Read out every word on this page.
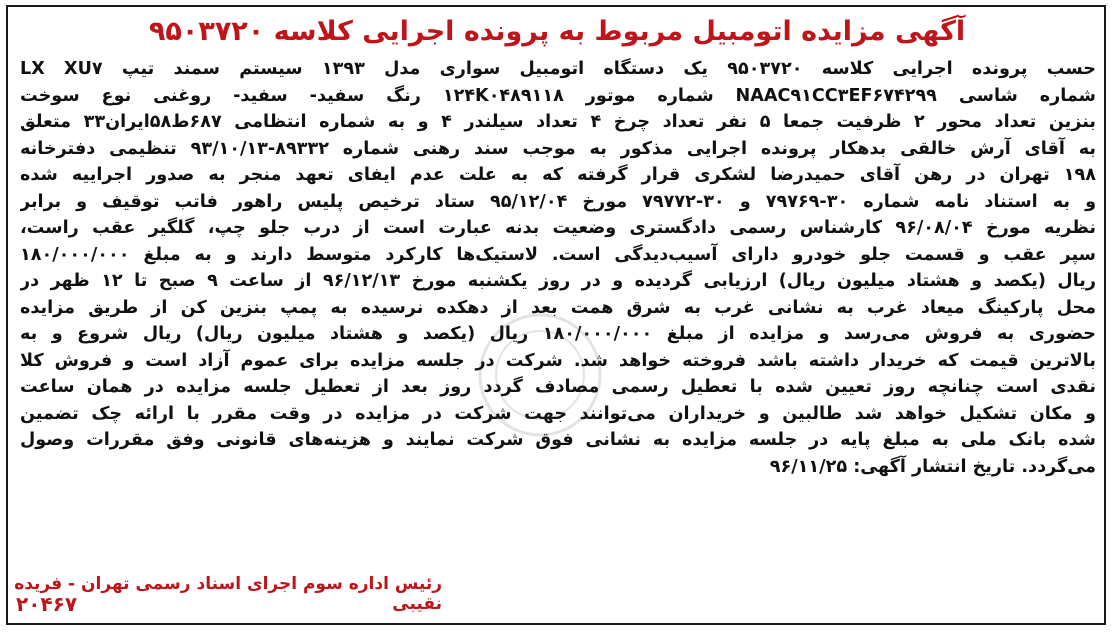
آگهی مزایده اتومبیل مربوط به پرونده اجرایی کلاسه ۹۵۰۳۷۲۰
حسب پرونده اجرایی کلاسه ۹۵۰۳۷۲۰ یک دستگاه اتومبیل سواری مدل ۱۳۹۳ سیستم سمند تیپ LX XU۷
شماره شاسی NAAC۹۱CC۳EF۶۷۴۲۹۹ شماره موتور ۱۲۴K۰۴۸۹۱۱۸ رنگ سفید- سفید- روغنی نوع سوخت
بنزین تعداد محور ۲ ظرفیت جمعا ۵ نفر تعداد چرخ ۴ تعداد سیلندر ۴ و به شماره انتظامی ۶۸۷ط۵۸ایران۳۳ متعلق
به آقای آرش خالقی بدهکار پرونده اجرایی مذکور به موجب سند رهنی شماره ۸۹۳۳۲-۹۳/۱۰/۱۳ تنظیمی دفترخانه
۱۹۸ تهران در رهن آقای حمیدرضا لشکری قرار گرفته که به علت عدم ایفای تعهد منجر به صدور اجراییه شده
و به استناد نامه شماره ۳۰-۷۹۷۶۹ و ۳۰-۷۹۷۷۲ مورخ ۹۵/۱۲/۰۴ ستاد ترخیص پلیس راهور فاتب توقیف و برابر
نظریه مورخ ۹۶/۰۸/۰۴ کارشناس رسمی دادگستری وضعیت بدنه عبارت است از درب جلو چپ، گلگیر عقب راست،
سپر عقب و قسمت جلو خودرو دارای آسیب‌دیدگی است. لاستیک‌ها کارکرد متوسط دارند و به مبلغ ۱۸۰/۰۰۰/۰۰۰
ریال (یکصد و هشتاد میلیون ریال) ارزیابی گردیده و در روز یکشنبه مورخ ۹۶/۱۲/۱۳ از ساعت ۹ صبح تا ۱۲ ظهر در
محل پارکینگ میعاد غرب به نشانی غرب به شرق همت بعد از دهکده نرسیده به پمپ بنزین کن از طریق مزایده
حضوری به فروش می‌رسد و مزایده از مبلغ ۱۸۰/۰۰۰/۰۰۰ ریال (یکصد و هشتاد میلیون ریال) ریال شروع و به
بالاترین قیمت که خریدار داشته باشد فروخته خواهد شد. شرکت در جلسه مزایده برای عموم آزاد است و فروش کلا
نقدی است چنانچه روز تعیین شده با تعطیل رسمی مصادف گردد روز بعد از تعطیل جلسه مزایده در همان ساعت
و مکان تشکیل خواهد شد طالبین و خریداران می‌توانند جهت شرکت در مزایده در وقت مقرر با ارائه چک تضمین
شده بانک ملی به مبلغ پایه در جلسه مزایده به نشانی فوق شرکت نمایند و هزینه‌های قانونی وفق مقررات وصول
می‌گردد. تاریخ انتشار آگهی: ۹۶/۱۱/۲۵
رئیس اداره سوم اجرای اسناد رسمی تهران - فریده نقیبی
۲۰۴۶۷
